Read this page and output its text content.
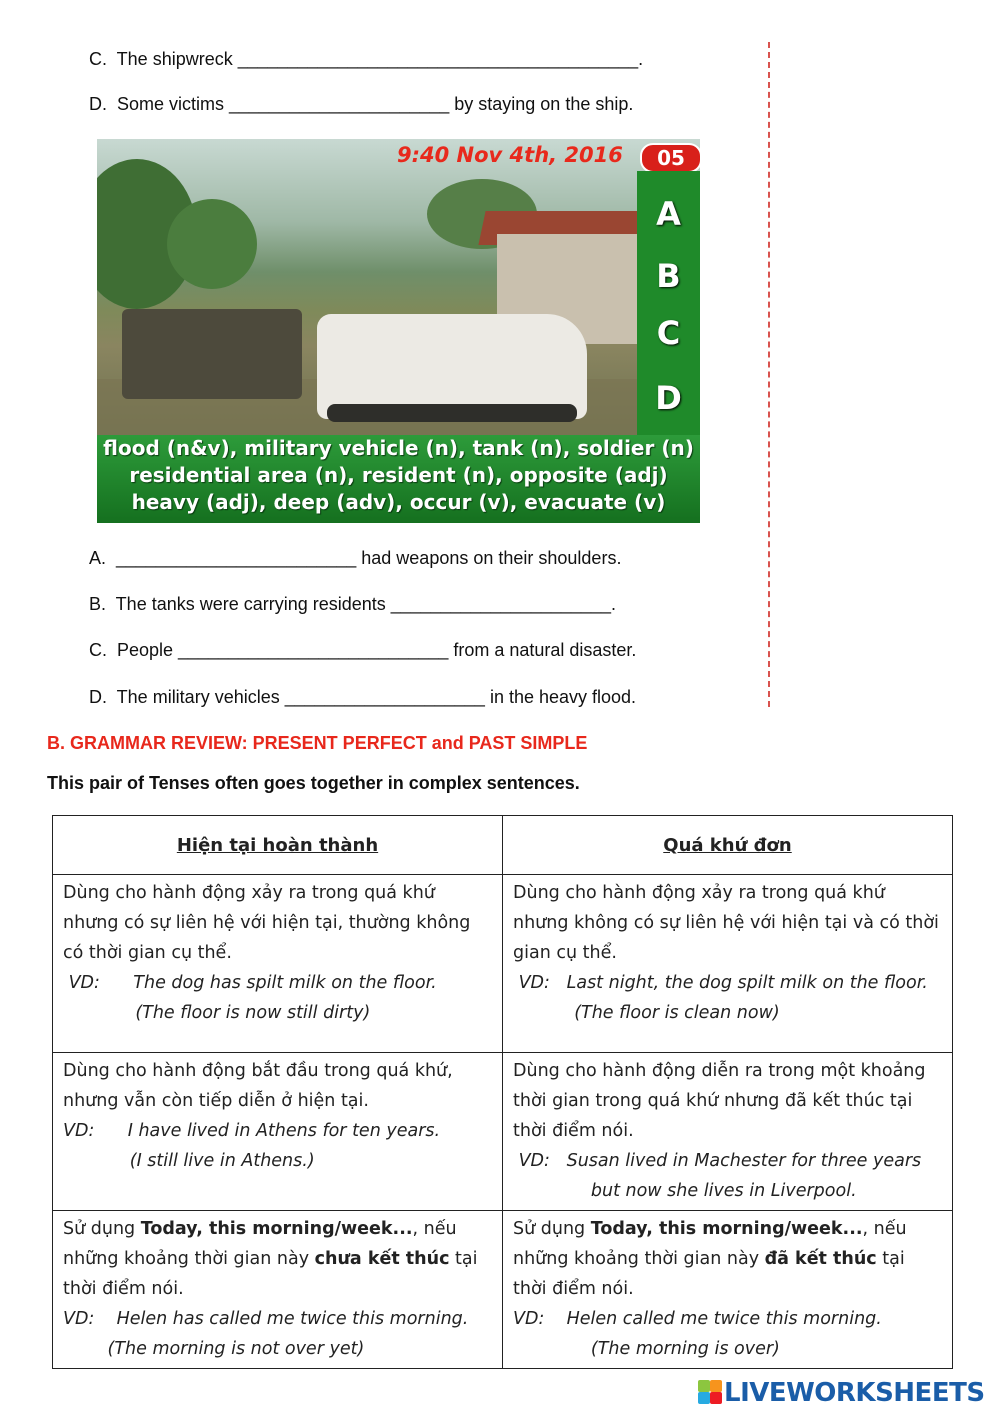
C.  The shipwreck ________________________________________.
D.  Some victims ______________________ by staying on the ship.
9:40 Nov 4th, 2016	05
A
B
C
D
flood (n&v), military vehicle (n), tank (n), soldier (n)
residential area (n), resident (n), opposite (adj)
heavy (adj), deep (adv), occur (v), evacuate (v)
A.  ________________________ had weapons on their shoulders.
B.  The tanks were carrying residents ______________________.
C.  People ___________________________ from a natural disaster.
D.  The military vehicles ____________________ in the heavy flood.
B. GRAMMAR REVIEW: PRESENT PERFECT and PAST SIMPLE
This pair of Tenses often goes together in complex sentences.
Hiện tại hoàn thành	Quá khứ đơn
Dùng cho hành động xảy ra trong quá khứ nhưng có sự liên hệ với hiện tại, thường không có thời gian cụ thể.
VD:      The dog has spilt milk on the floor.
(The floor is now still dirty)	Dùng cho hành động xảy ra trong quá khứ nhưng không có sự liên hệ với hiện tại và có thời gian cụ thể.
VD:   Last night, the dog spilt milk on the floor.
(The floor is clean now)

Dùng cho hành động bắt đầu trong quá khứ, nhưng vẫn còn tiếp diễn ở hiện tại.
VD:      I have lived in Athens for ten years.
(I still live in Athens.)	Dùng cho hành động diễn ra trong một khoảng thời gian trong quá khứ nhưng đã kết thúc tại thời điểm nói.
VD:   Susan lived in Machester for three years
but now she lives in Liverpool.

Sử dụng Today, this morning/week..., nếu những khoảng thời gian này chưa kết thúc tại thời điểm nói.
VD:    Helen has called me twice this morning.
(The morning is not over yet)	Sử dụng Today, this morning/week..., nếu những khoảng thời gian này đã kết thúc tại thời điểm nói.
VD:    Helen called me twice this morning.
(The morning is over)
LIVEWORKSHEETS
